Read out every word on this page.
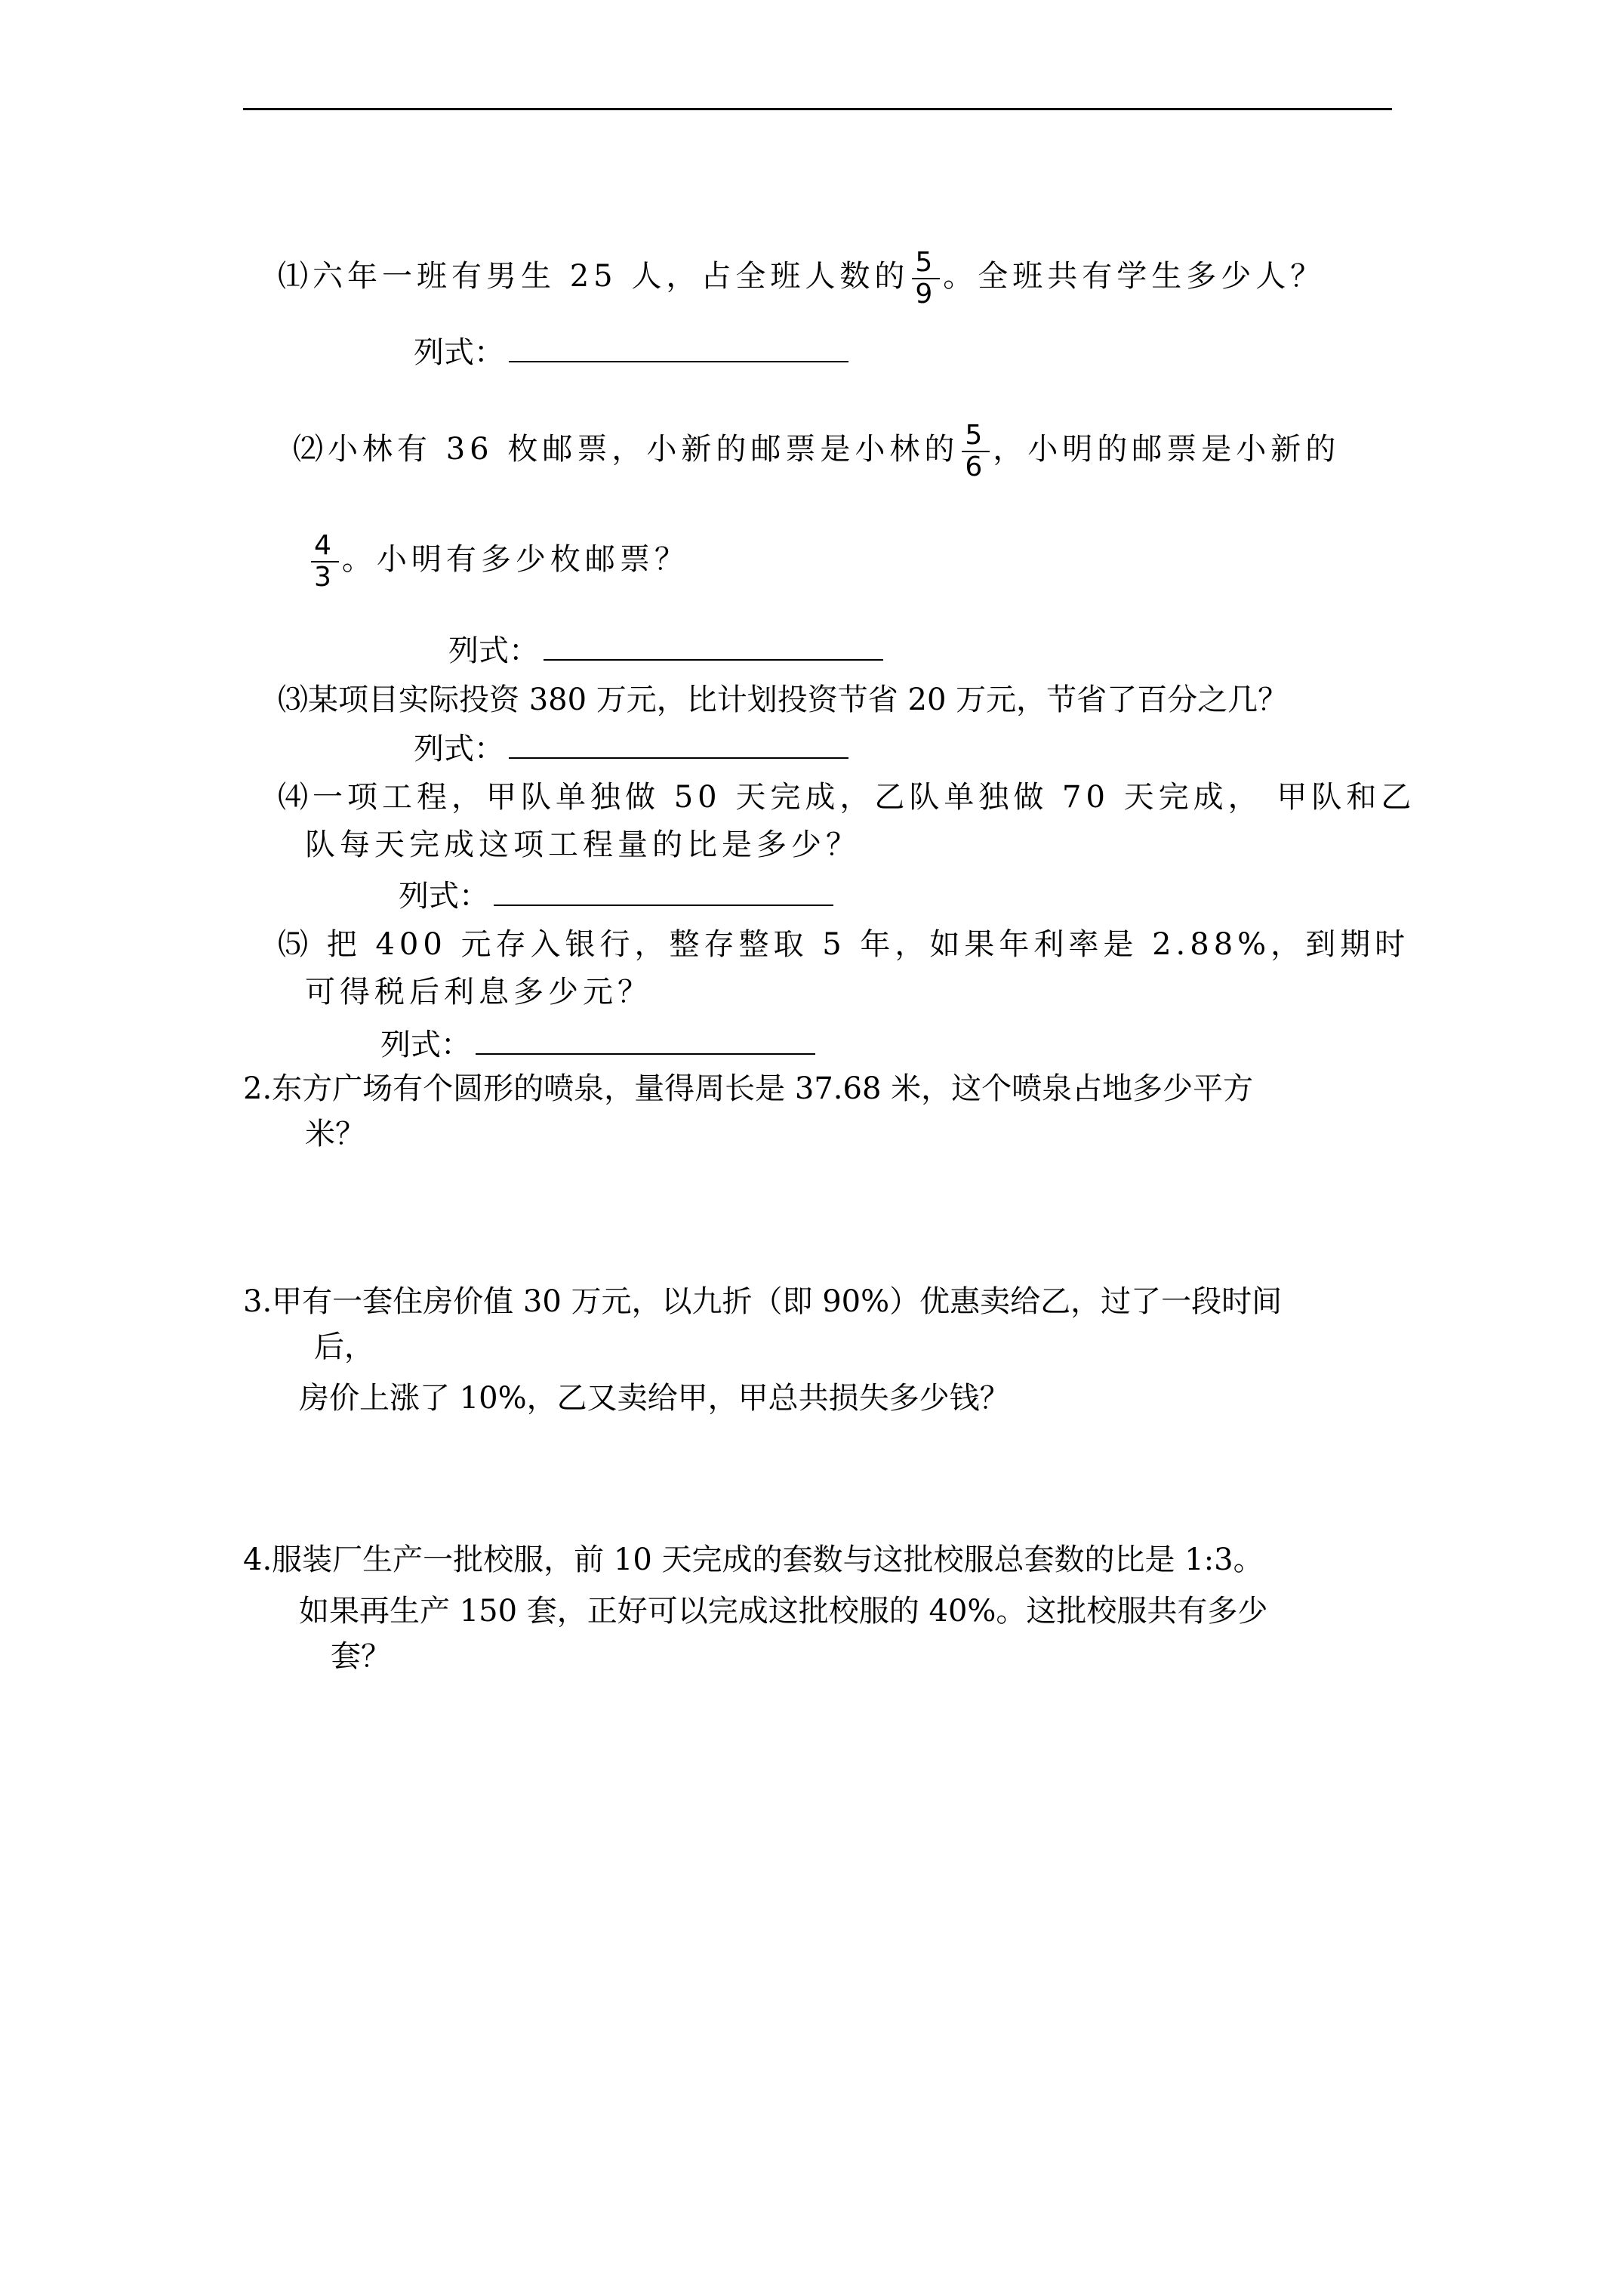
⑴六年一班有男生 25 人，占全班人数的 $\frac{5}{9}$ 。全班共有学生多少人？
列式：
⑵小林有 36 枚邮票，小新的邮票是小林的 $\frac{5}{6}$ ，小明的邮票是小新的
$\frac{4}{3}$ 。小明有多少枚邮票？
列式：
⑶某项目实际投资 380 万元，比计划投资节省 20 万元，节省了百分之几？
列式：
⑷一项工程，甲队单独做 50 天完成，乙队单独做 70 天完成， 甲队和乙
队每天完成这项工程量的比是多少？
列式：
⑸ 把 400 元存入银行，整存整取 5 年，如果年利率是 2.88%，到期时
可得税后利息多少元？
列式：
2.东方广场有个圆形的喷泉，量得周长是 37.68 米，这个喷泉占地多少平方
米？
3.甲有一套住房价值 30 万元，以九折（即 90%）优惠卖给乙，过了一段时间
后，
房价上涨了 10%，乙又卖给甲，甲总共损失多少钱？
4.服装厂生产一批校服，前 10 天完成的套数与这批校服总套数的比是 1:3。
如果再生产 150 套，正好可以完成这批校服的 40%。这批校服共有多少
套？
